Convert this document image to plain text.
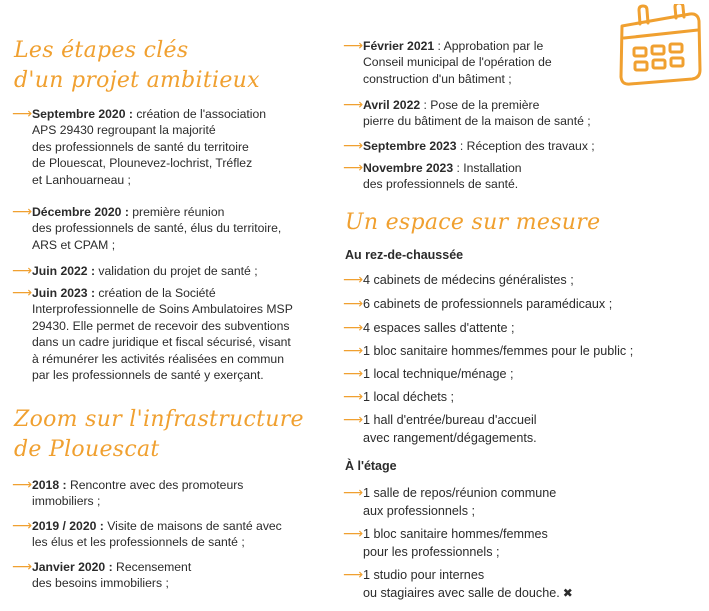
Les étapes clés
d'un projet ambitieux
⟶ Septembre 2020 : création de l'association
APS 29430 regroupant la majorité
des professionnels de santé du territoire
de Plouescat, Plounevez-lochrist, Tréflez
et Lanhouarneau ;
⟶ Décembre 2020 : première réunion
des professionnels de santé, élus du territoire,
ARS et CPAM ;
⟶ Juin 2022 : validation du projet de santé ;
⟶ Juin 2023 : création de la Société
Interprofessionnelle de Soins Ambulatoires MSP
29430. Elle permet de recevoir des subventions
dans un cadre juridique et fiscal sécurisé, visant
à rémunérer les activités réalisées en commun
par les professionnels de santé y exerçant.
Zoom sur l'infrastructure
de Plouescat
⟶ 2018 : Rencontre avec des promoteurs
immobiliers ;
⟶ 2019 / 2020 : Visite de maisons de santé avec
les élus et les professionnels de santé ;
⟶ Janvier 2020 : Recensement
des besoins immobiliers ;
⟶ Février 2021 : Approbation par le
Conseil municipal de l'opération de
construction d'un bâtiment ;
⟶ Avril 2022 : Pose de la première
pierre du bâtiment de la maison de santé ;
⟶ Septembre 2023 : Réception des travaux ;
⟶ Novembre 2023 : Installation
des professionnels de santé.
Un espace sur mesure
Au rez-de-chaussée
⟶ 4 cabinets de médecins généralistes ;
⟶ 6 cabinets de professionnels paramédicaux ;
⟶ 4 espaces salles d'attente ;
⟶ 1 bloc sanitaire hommes/femmes pour le public ;
⟶ 1 local technique/ménage ;
⟶ 1 local déchets ;
⟶ 1 hall d'entrée/bureau d'accueil
avec rangement/dégagements.
À l'étage
⟶ 1 salle de repos/réunion commune
aux professionnels ;
⟶ 1 bloc sanitaire hommes/femmes
pour les professionnels ;
⟶ 1 studio pour internes
ou stagiaires avec salle de douche. ✖
